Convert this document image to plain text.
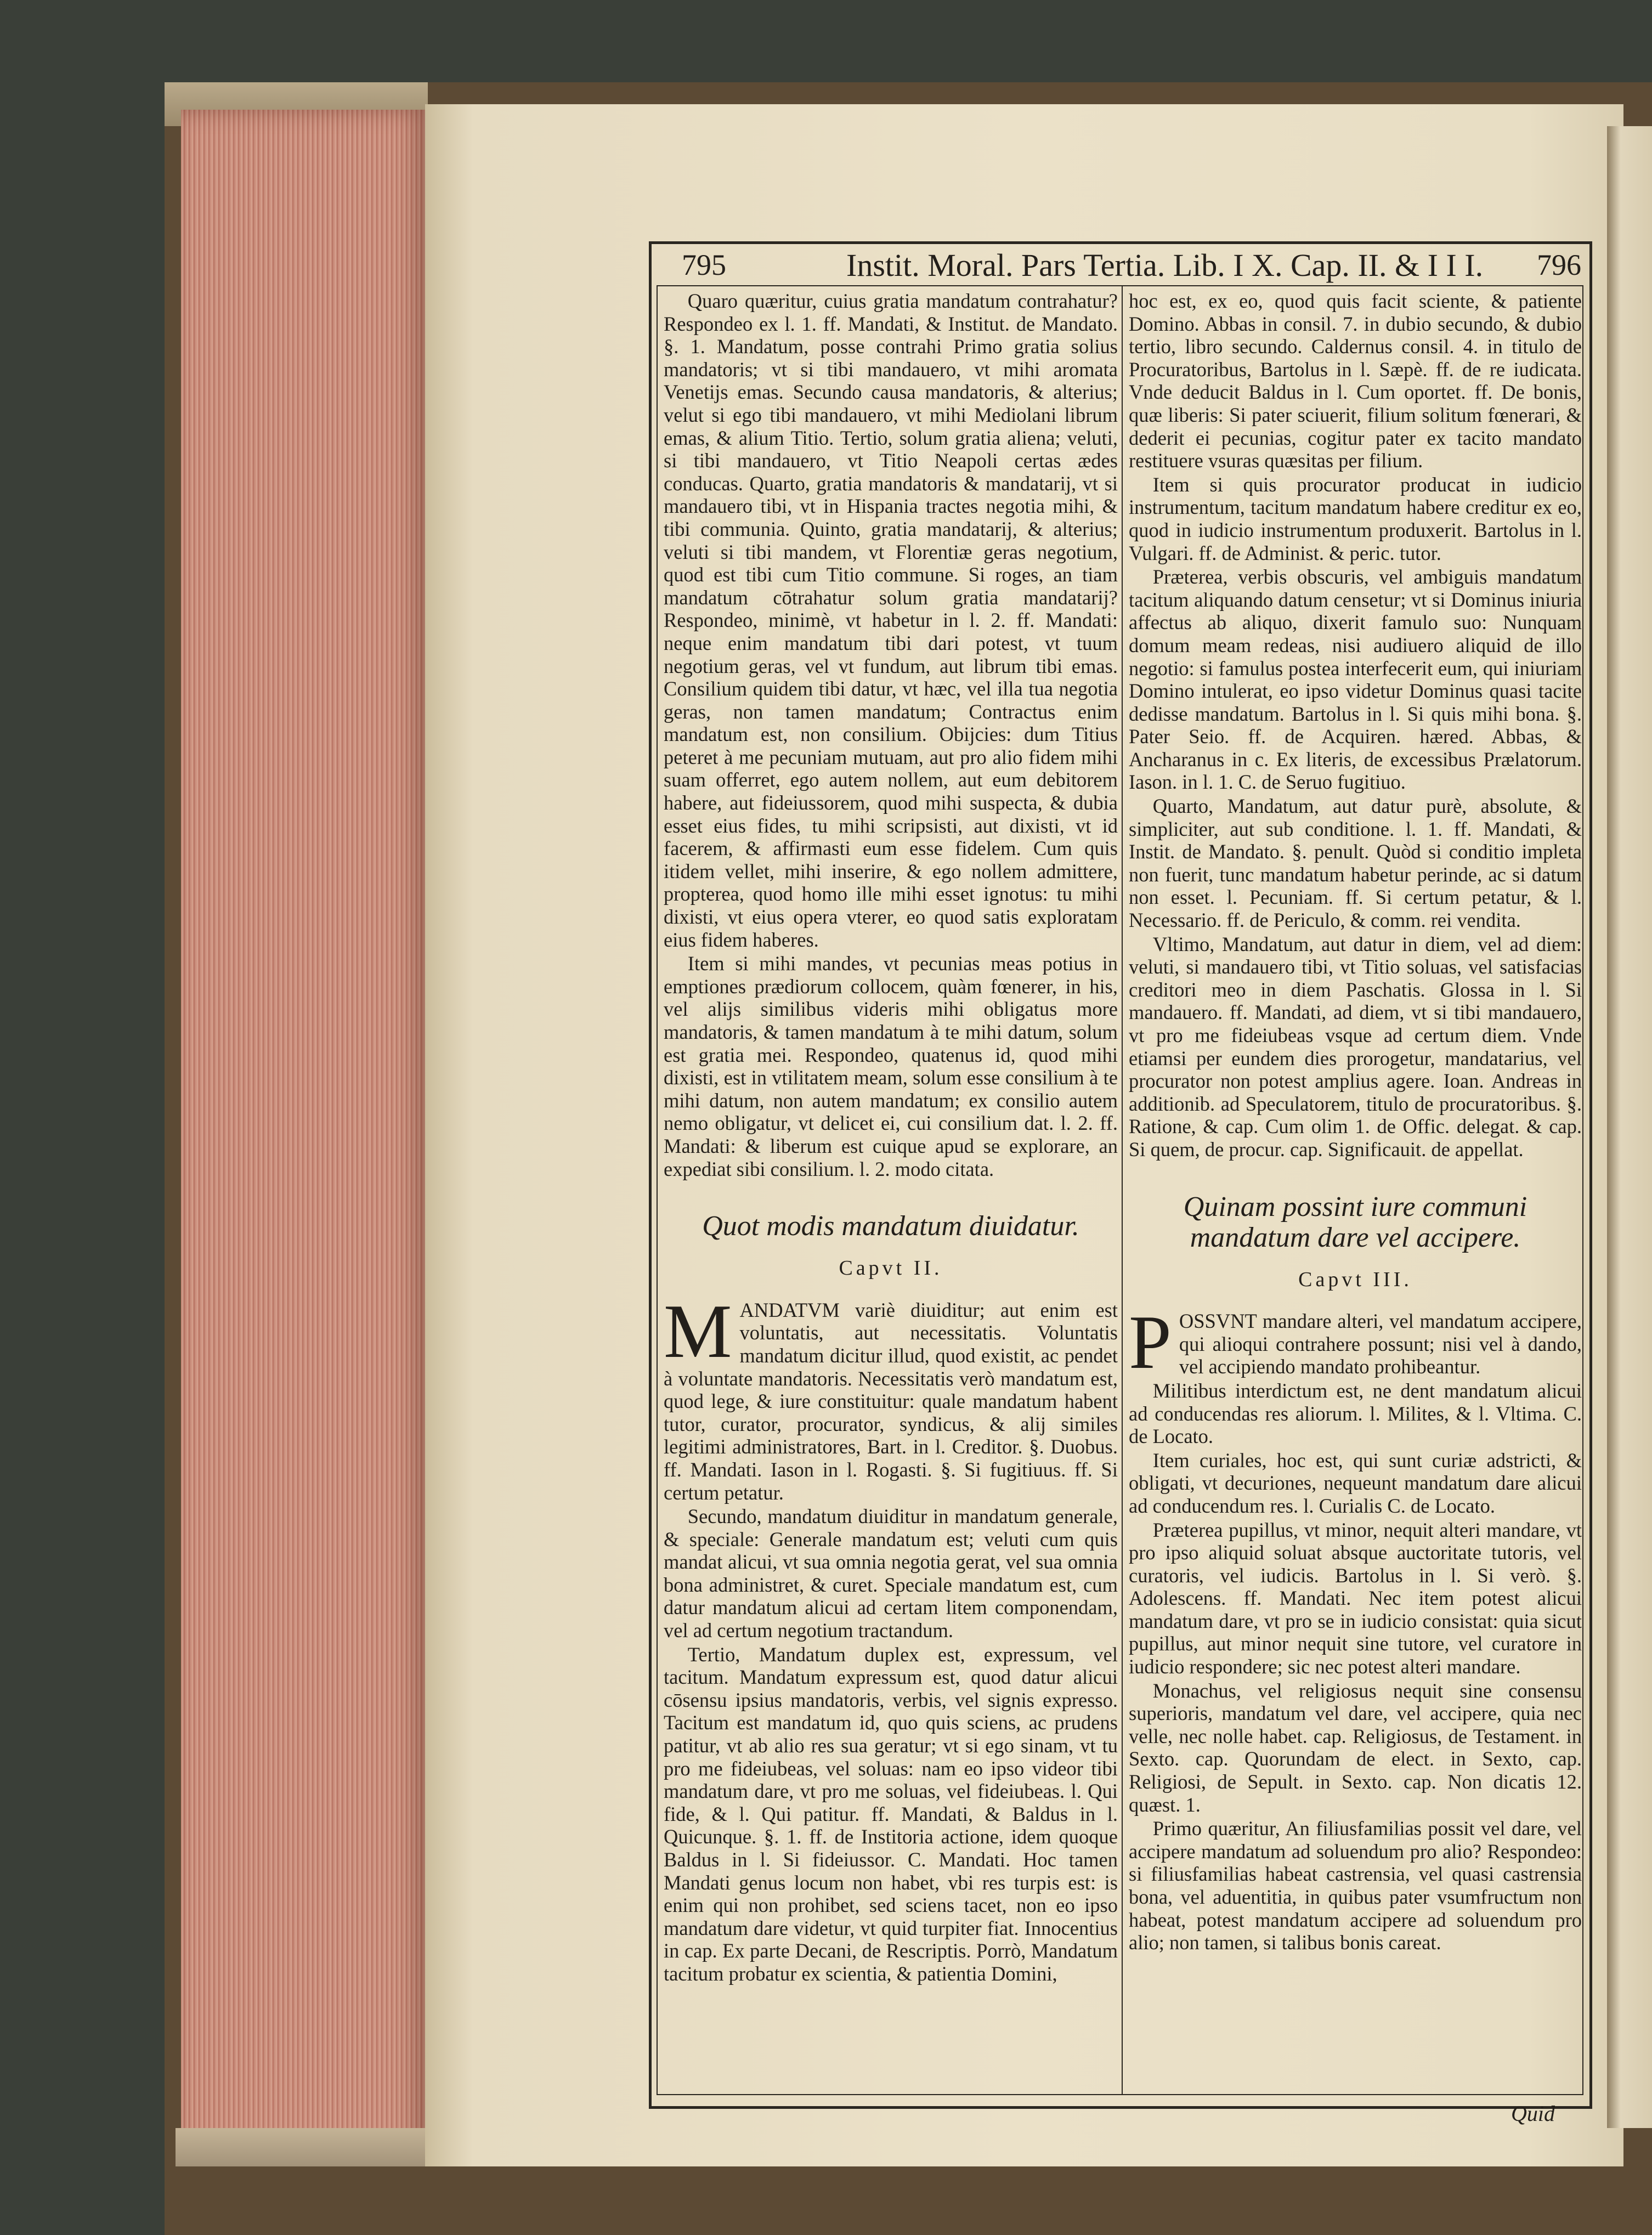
795	Instit. Moral. Pars Tertia. Lib. I X. Cap. II. & I I I. 796

Quaro quæritur, cuius gratia mandatum contrahatur? Respondeo ex l. 1. ff. Mandati, & Institut. de Mandato. §. 1. Mandatum, posse contrahi Primo gratia solius mandatoris; vt si tibi mandauero, vt mihi aromata Venetijs emas. Secundo causa mandatoris, & alterius; velut si ego tibi mandauero, vt mihi Mediolani librum emas, & alium Titio. Tertio, solum gratia aliena; veluti, si tibi mandauero, vt Titio Neapoli certas ædes conducas. Quarto, gratia mandatoris & mandatarij, vt si mandauero tibi, vt in Hispania tractes negotia mihi, & tibi communia. Quinto, gratia mandatarij, & alterius; veluti si tibi mandem, vt Florentiæ geras negotium, quod est tibi cum Titio commune. Si roges, an tiam mandatum cōtrahatur solum gratia mandatarij? Respondeo, minimè, vt habetur in l. 2. ff. Mandati: neque enim mandatum tibi dari potest, vt tuum negotium geras, vel vt fundum, aut librum tibi emas. Consilium quidem tibi datur, vt hæc, vel illa tua negotia geras, non tamen mandatum; Contractus enim mandatum est, non consilium. Obijcies: dum Titius peteret à me pecuniam mutuam, aut pro alio fidem mihi suam offerret, ego autem nollem, aut eum debitorem habere, aut fideiussorem, quod mihi suspecta, & dubia esset eius fides, tu mihi scripsisti, aut dixisti, vt id facerem, & affirmasti eum esse fidelem. Cum quis itidem vellet, mihi inserire, & ego nollem admittere, propterea, quod homo ille mihi esset ignotus: tu mihi dixisti, vt eius opera vterer, eo quod satis exploratam eius fidem haberes.

Item si mihi mandes, vt pecunias meas potius in emptiones prædiorum collocem, quàm fœnerer, in his, vel alijs similibus videris mihi obligatus more mandatoris, & tamen mandatum à te mihi datum, solum est gratia mei. Respondeo, quatenus id, quod mihi dixisti, est in vtilitatem meam, solum esse consilium à te mihi datum, non autem mandatum; ex consilio autem nemo obligatur, vt delicet ei, cui consilium dat. l. 2. ff. Mandati: & liberum est cuique apud se explorare, an expediat sibi consilium. l. 2. modo citata.

Quot modis mandatum diuidatur.
Capvt II.

MANDATVM variè diuiditur; aut enim est voluntatis, aut necessitatis. Voluntatis mandatum dicitur illud, quod existit, ac pendet à voluntate mandatoris. Necessitatis verò mandatum est, quod lege, & iure constituitur: quale mandatum habent tutor, curator, procurator, syndicus, & alij similes legitimi administratores, Bart. in l. Creditor. §. Duobus. ff. Mandati. Iason in l. Rogasti. §. Si fugitiuus. ff. Si certum petatur.

Secundo, mandatum diuiditur in mandatum generale, & speciale: Generale mandatum est; veluti cum quis mandat alicui, vt sua omnia negotia gerat, vel sua omnia bona administret, & curet. Speciale mandatum est, cum datur mandatum alicui ad certam litem componendam, vel ad certum negotium tractandum.

Tertio, Mandatum duplex est, expressum, vel tacitum. Mandatum expressum est, quod datur alicui cōsensu ipsius mandatoris, verbis, vel signis expresso. Tacitum est mandatum id, quo quis sciens, ac prudens patitur, vt ab alio res sua geratur; vt si ego sinam, vt tu pro me fideiubeas, vel soluas: nam eo ipso videor tibi mandatum dare, vt pro me soluas, vel fideiubeas. l. Qui fide, & l. Qui patitur. ff. Mandati, & Baldus in l. Quicunque. §. 1. ff. de Institoria actione, idem quoque Baldus in l. Si fideiussor. C. Mandati. Hoc tamen Mandati genus locum non habet, vbi res turpis est: is enim qui non prohibet, sed sciens tacet, non eo ipso mandatum dare videtur, vt quid turpiter fiat. Innocentius in cap. Ex parte Decani, de Rescriptis. Porrò, Mandatum tacitum probatur ex scientia, & patientia Domini,

hoc est, ex eo, quod quis facit sciente, & patiente Domino. Abbas in consil. 7. in dubio secundo, & dubio tertio, libro secundo. Caldernus consil. 4. in titulo de Procuratoribus, Bartolus in l. Sæpè. ff. de re iudicata. Vnde deducit Baldus in l. Cum oportet. ff. De bonis, quæ liberis: Si pater sciuerit, filium solitum fœnerari, & dederit ei pecunias, cogitur pater ex tacito mandato restituere vsuras quæsitas per filium.

Item si quis procurator producat in iudicio instrumentum, tacitum mandatum habere creditur ex eo, quod in iudicio instrumentum produxerit. Bartolus in l. Vulgari. ff. de Administ. & peric. tutor.

Præterea, verbis obscuris, vel ambiguis mandatum tacitum aliquando datum censetur; vt si Dominus iniuria affectus ab aliquo, dixerit famulo suo: Nunquam domum meam redeas, nisi audiuero aliquid de illo negotio: si famulus postea interfecerit eum, qui iniuriam Domino intulerat, eo ipso videtur Dominus quasi tacite dedisse mandatum. Bartolus in l. Si quis mihi bona. §. Pater Seio. ff. de Acquiren. hæred. Abbas, & Ancharanus in c. Ex literis, de excessibus Prælatorum. Iason. in l. 1. C. de Seruo fugitiuo.

Quarto, Mandatum, aut datur purè, absolute, & simpliciter, aut sub conditione. l. 1. ff. Mandati, & Instit. de Mandato. §. penult. Quòd si conditio impleta non fuerit, tunc mandatum habetur perinde, ac si datum non esset. l. Pecuniam. ff. Si certum petatur, & l. Necessario. ff. de Periculo, & comm. rei vendita.

Vltimo, Mandatum, aut datur in diem, vel ad diem: veluti, si mandauero tibi, vt Titio soluas, vel satisfacias creditori meo in diem Paschatis. Glossa in l. Si mandauero. ff. Mandati, ad diem, vt si tibi mandauero, vt pro me fideiubeas vsque ad certum diem. Vnde etiamsi per eundem dies prorogetur, mandatarius, vel procurator non potest amplius agere. Ioan. Andreas in additionib. ad Speculatorem, titulo de procuratoribus. §. Ratione, & cap. Cum olim 1. de Offic. delegat. & cap. Si quem, de procur. cap. Significauit. de appellat.

Quinam possint iure communi mandatum dare vel accipere.
Capvt III.

POSSVNT mandare alteri, vel mandatum accipere, qui alioqui contrahere possunt; nisi vel à dando, vel accipiendo mandato prohibeantur.

Militibus interdictum est, ne dent mandatum alicui ad conducendas res aliorum. l. Milites, & l. Vltima. C. de Locato.

Item curiales, hoc est, qui sunt curiæ adstricti, & obligati, vt decuriones, nequeunt mandatum dare alicui ad conducendum res. l. Curialis C. de Locato.

Præterea pupillus, vt minor, nequit alteri mandare, vt pro ipso aliquid soluat absque auctoritate tutoris, vel curatoris, vel iudicis. Bartolus in l. Si verò. §. Adolescens. ff. Mandati. Nec item potest alicui mandatum dare, vt pro se in iudicio consistat: quia sicut pupillus, aut minor nequit sine tutore, vel curatore in iudicio respondere; sic nec potest alteri mandare.

Monachus, vel religiosus nequit sine consensu superioris, mandatum vel dare, vel accipere, quia nec velle, nec nolle habet. cap. Religiosus, de Testament. in Sexto. cap. Quorundam de elect. in Sexto, cap. Religiosi, de Sepult. in Sexto. cap. Non dicatis 12. quæst. 1.

Primo quæritur, An filiusfamilias possit vel dare, vel accipere mandatum ad soluendum pro alio? Respondeo: si filiusfamilias habeat castrensia, vel quasi castrensia bona, vel aduentitia, in quibus pater vsumfructum non habeat, potest mandatum accipere ad soluendum pro alio; non tamen, si talibus bonis careat.

Quid
